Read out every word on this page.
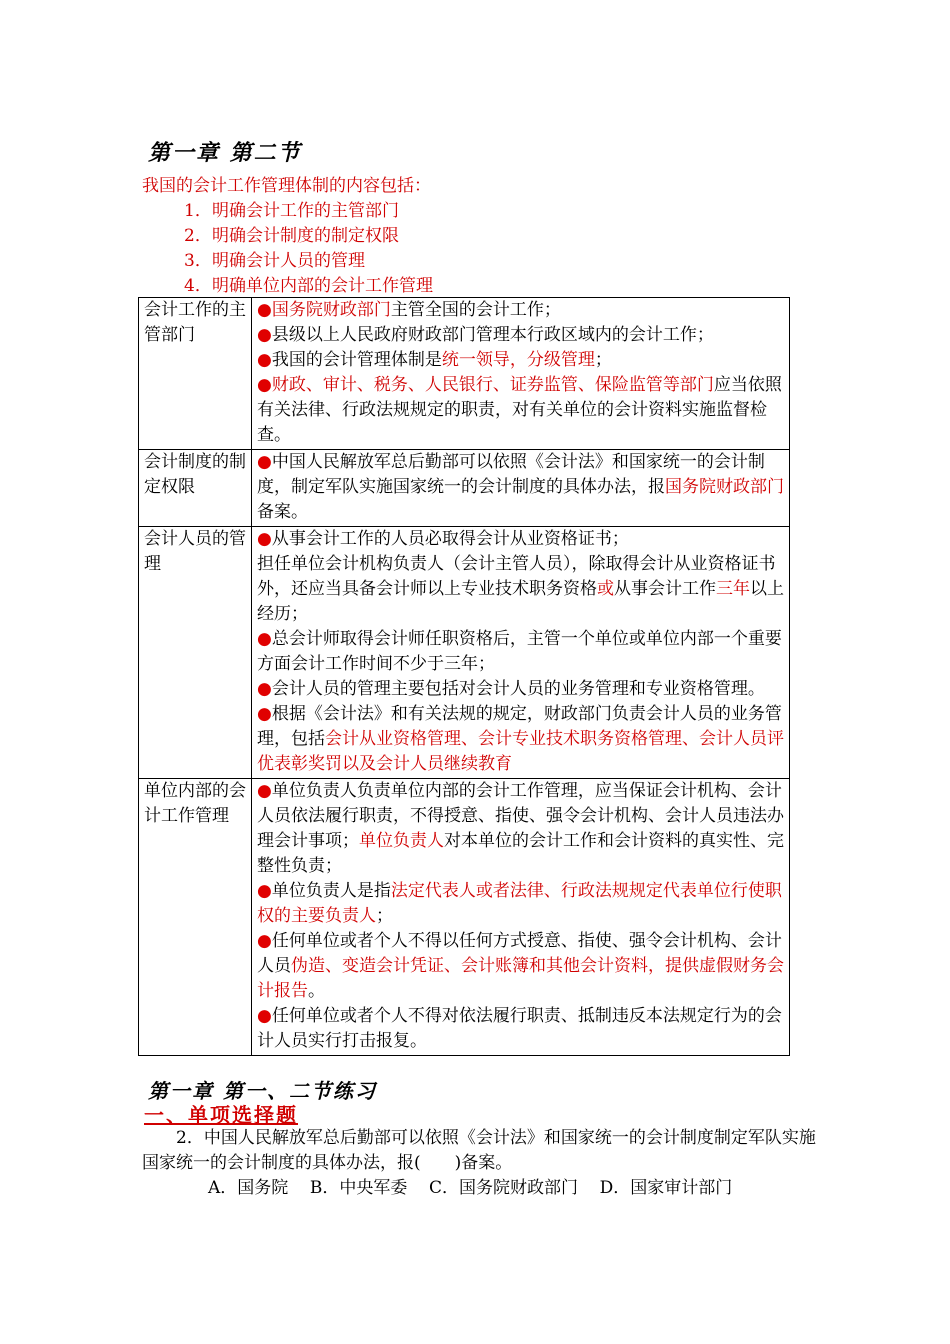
第一章 第二节
我国的会计工作管理体制的内容包括：
1．明确会计工作的主管部门
2．明确会计制度的制定权限
3．明确会计人员的管理
4．明确单位内部的会计工作管理
会计工作的主管部门	●国务院财政部门主管全国的会计工作；
●县级以上人民政府财政部门管理本行政区域内的会计工作；
●我国的会计管理体制是统一领导，分级管理；
●财政、审计、税务、人民银行、证券监管、保险监管等部门应当依照有关法律、行政法规规定的职责，对有关单位的会计资料实施监督检查。

会计制度的制定权限	●中国人民解放军总后勤部可以依照《会计法》和国家统一的会计制度，制定军队实施国家统一的会计制度的具体办法，报国务院财政部门备案。

会计人员的管理	●从事会计工作的人员必取得会计从业资格证书；
担任单位会计机构负责人（会计主管人员），除取得会计从业资格证书外，还应当具备会计师以上专业技术职务资格或从事会计工作三年以上经历；
●总会计师取得会计师任职资格后，主管一个单位或单位内部一个重要方面会计工作时间不少于三年；
●会计人员的管理主要包括对会计人员的业务管理和专业资格管理。
●根据《会计法》和有关法规的规定，财政部门负责会计人员的业务管理，包括会计从业资格管理、会计专业技术职务资格管理、会计人员评优表彰奖罚以及会计人员继续教育

单位内部的会计工作管理	●单位负责人负责单位内部的会计工作管理，应当保证会计机构、会计人员依法履行职责，不得授意、指使、强令会计机构、会计人员违法办理会计事项；单位负责人对本单位的会计工作和会计资料的真实性、完整性负责；
●单位负责人是指法定代表人或者法律、行政法规规定代表单位行使职权的主要负责人；
●任何单位或者个人不得以任何方式授意、指使、强令会计机构、会计人员伪造、变造会计凭证、会计账簿和其他会计资料，提供虚假财务会计报告。
●任何单位或者个人不得对依法履行职责、抵制违反本法规定行为的会计人员实行打击报复。
第一章 第一、二节练习
一、单项选择题
2．中国人民解放军总后勤部可以依照《会计法》和国家统一的会计制度制定军队实施国家统一的会计制度的具体办法，报(　　)备案。
A．国务院    B．中央军委    C．国务院财政部门    D．国家审计部门
